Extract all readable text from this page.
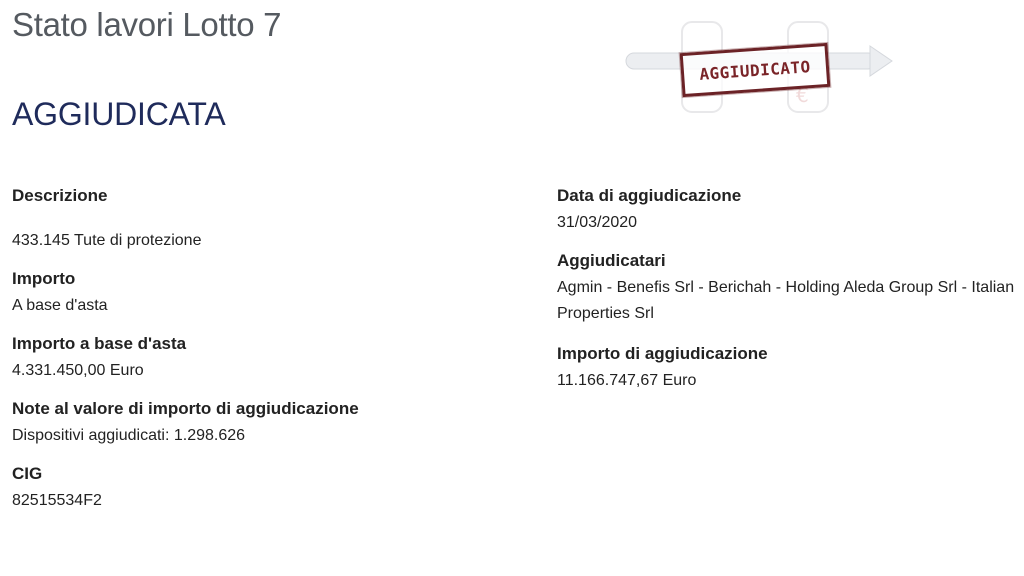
Stato lavori Lotto 7
AGGIUDICATA
€
AGGIUDICATO
Descrizione
433.145 Tute di protezione
Importo
A base d'asta
Importo a base d'asta
4.331.450,00 Euro
Note al valore di importo di aggiudicazione
Dispositivi aggiudicati: 1.298.626
CIG
82515534F2
Data di aggiudicazione
31/03/2020
Aggiudicatari
Agmin - Benefis Srl - Berichah - Holding Aleda Group Srl - Italian Properties Srl
Importo di aggiudicazione
11.166.747,67 Euro
